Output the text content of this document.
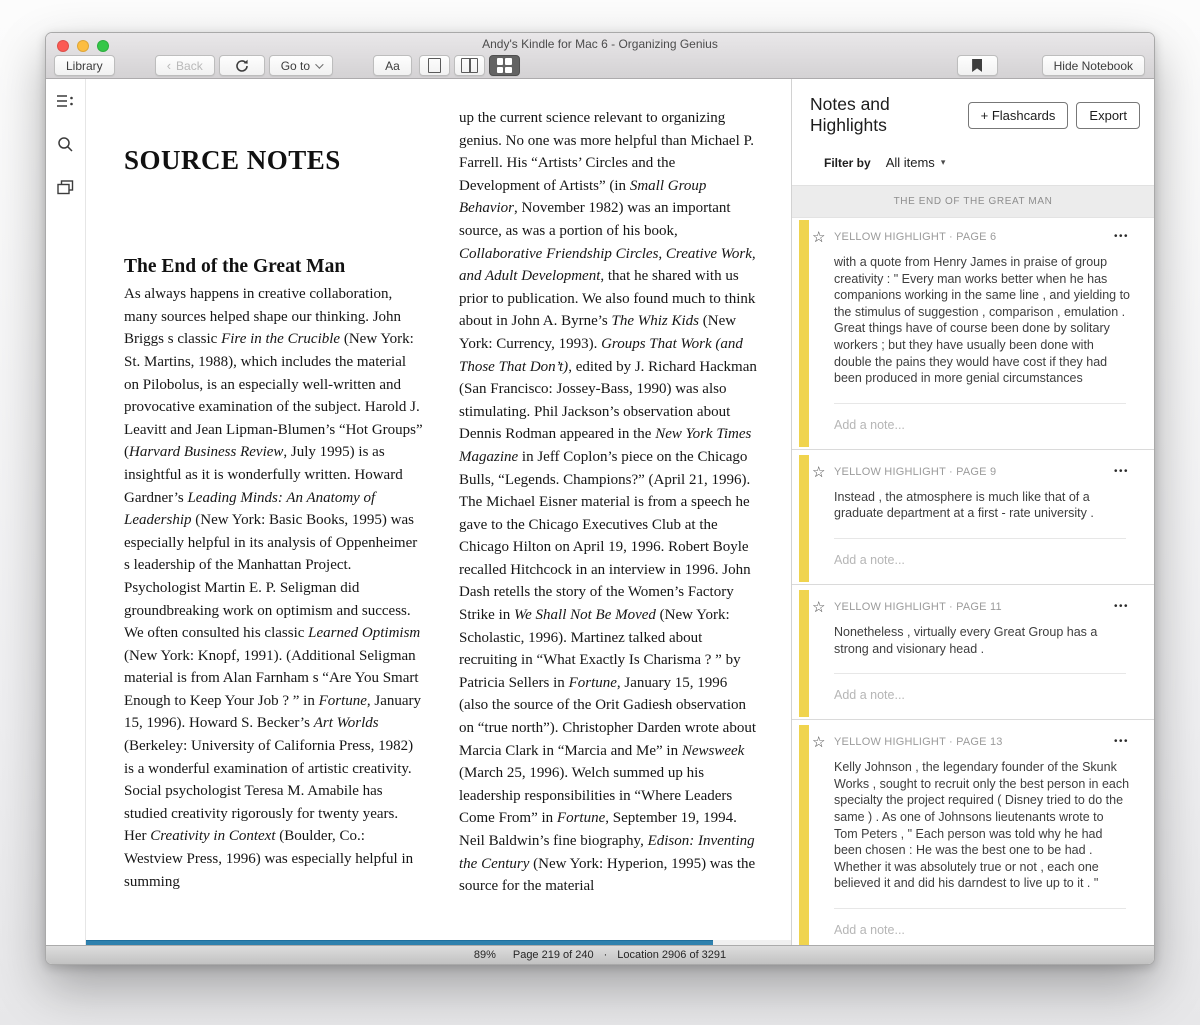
Andy's Kindle for Mac 6 - Organizing Genius
Library	‹ Back	Go to	Aa	Hide Notebook
SOURCE NOTES
The End of the Great Man

As always happens in creative collaboration, many sources helped shape our thinking. John Briggs s classic Fire in the Crucible (New York: St. Martins, 1988), which includes the material on Pilobolus, is an especially well-written and provocative examination of the subject. Harold J. Leavitt and Jean Lipman-Blumen’s “Hot Groups” (Harvard Business Review, July 1995) is as insightful as it is wonderfully written. Howard Gardner’s Leading Minds: An Anatomy of Leadership (New York: Basic Books, 1995) was especially helpful in its analysis of Oppenheimer s leadership of the Manhattan Project. Psychologist Martin E. P. Seligman did groundbreaking work on optimism and success. We often consulted his classic Learned Optimism (New York: Knopf, 1991). (Additional Seligman material is from Alan Farnham s “Are You Smart Enough to Keep Your Job ? ” in Fortune, January 15, 1996). Howard S. Becker’s Art Worlds (Berkeley: University of California Press, 1982) is a wonderful examination of artistic creativity. Social psychologist Teresa M. Amabile has studied creativity rigorously for twenty years. Her Creativity in Context (Boulder, Co.: Westview Press, 1996) was especially helpful in summing

up the current science relevant to organizing genius. No one was more helpful than Michael P. Farrell. His “Artists’ Circles and the Development of Artists” (in Small Group Behavior, November 1982) was an important source, as was a portion of his book, Collaborative Friendship Circles, Creative Work, and Adult Development, that he shared with us prior to publication. We also found much to think about in John A. Byrne’s The Whiz Kids (New York: Currency, 1993). Groups That Work (and Those That Don’t), edited by J. Richard Hackman (San Francisco: Jossey-Bass, 1990) was also stimulating. Phil Jackson’s observation about Dennis Rodman appeared in the New York Times Magazine in Jeff Coplon’s piece on the Chicago Bulls, “Legends. Champions?” (April 21, 1996). The Michael Eisner material is from a speech he gave to the Chicago Executives Club at the Chicago Hilton on April 19, 1996. Robert Boyle recalled Hitchcock in an interview in 1996. John Dash retells the story of the Women’s Factory Strike in We Shall Not Be Moved (New York: Scholastic, 1996). Martinez talked about recruiting in “What Exactly Is Charisma ? ” by Patricia Sellers in Fortune, January 15, 1996 (also the source of the Orit Gadiesh observation on “true north”). Christopher Darden wrote about Marcia Clark in “Marcia and Me” in Newsweek (March 25, 1996). Welch summed up his leadership responsibilities in “Where Leaders Come From” in Fortune, September 19, 1994. Neil Baldwin’s fine biography, Edison: Inventing the Century (New York: Hyperion, 1995) was the source for the material

Notes and Highlights	+ Flashcards	Export
Filter by All items ▾
THE END OF THE GREAT MAN
☆ YELLOW HIGHLIGHT · PAGE 6	•••
with a quote from Henry James in praise of group creativity : " Every man works better when he has companions working in the same line , and yielding to the stimulus of suggestion , comparison , emulation . Great things have of course been done by solitary workers ; but they have usually been done with double the pains they would have cost if they had been produced in more genial circumstances
Add a note...
☆ YELLOW HIGHLIGHT · PAGE 9	•••
Instead , the atmosphere is much like that of a graduate department at a first - rate university .
Add a note...
☆ YELLOW HIGHLIGHT · PAGE 11	•••
Nonetheless , virtually every Great Group has a strong and visionary head .
Add a note...
☆ YELLOW HIGHLIGHT · PAGE 13	•••
Kelly Johnson , the legendary founder of the Skunk Works , sought to recruit only the best person in each specialty the project required ( Disney tried to do the same ) . As one of Johnsons lieutenants wrote to Tom Peters , " Each person was told why he had been chosen : He was the best one to be had . Whether it was absolutely true or not , each one believed it and did his darndest to live up to it . "
Add a note...
89% Page 219 of 240 · Location 2906 of 3291
